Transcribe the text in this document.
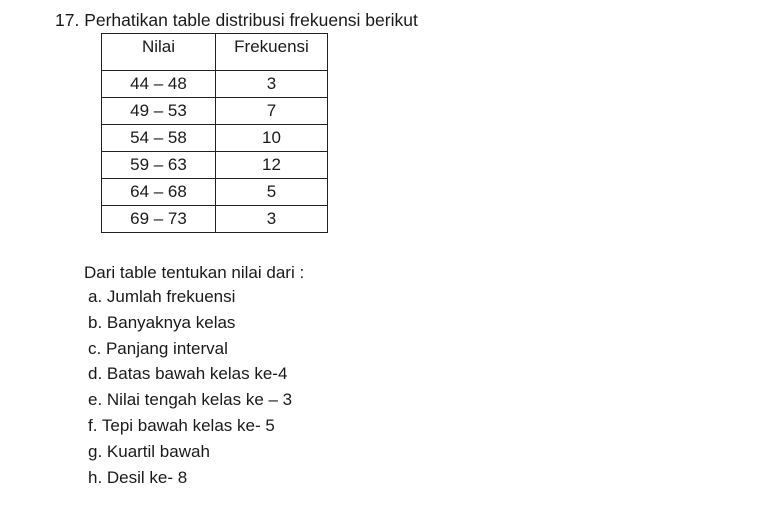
17. Perhatikan table distribusi frekuensi berikut
Nilai	Frekuensi
44 – 48	3
49 – 53	7
54 – 58	10
59 – 63	12
64 – 68	5
69 – 73	3
Dari table tentukan nilai dari :
a. Jumlah frekuensi
b. Banyaknya kelas
c. Panjang interval
d. Batas bawah kelas ke-4
e. Nilai tengah kelas ke – 3
f. Tepi bawah kelas ke- 5
g. Kuartil bawah
h. Desil ke- 8
